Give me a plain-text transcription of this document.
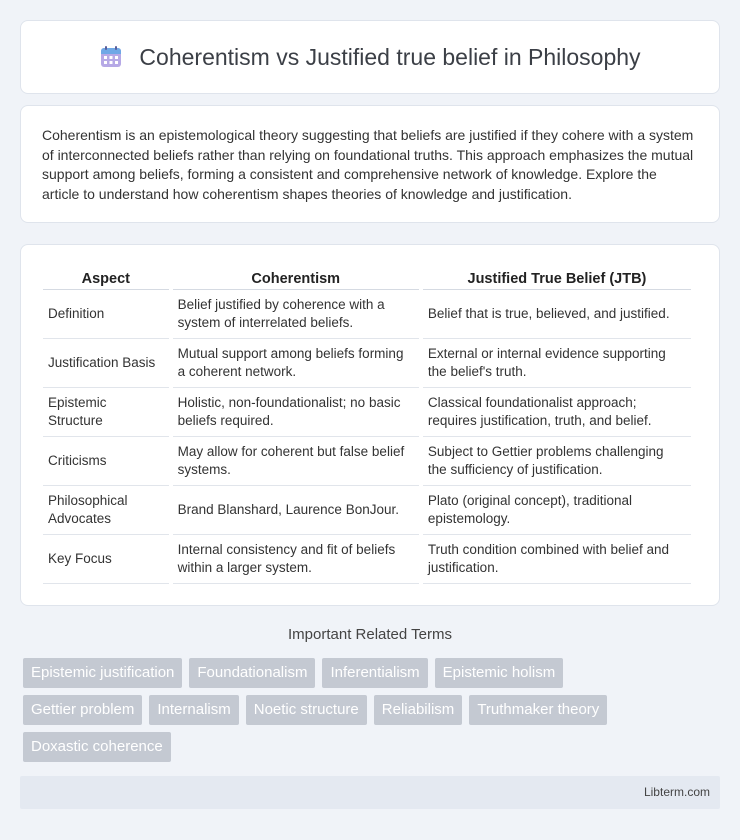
Coherentism vs Justified true belief in Philosophy

Coherentism is an epistemological theory suggesting that beliefs are justified if they cohere with a system of interconnected beliefs rather than relying on foundational truths. This approach emphasizes the mutual support among beliefs, forming a consistent and comprehensive network of knowledge. Explore the article to understand how coherentism shapes theories of knowledge and justification.

Aspect	Coherentism	Justified True Belief (JTB)
Definition	Belief justified by coherence with a system of interrelated beliefs.	Belief that is true, believed, and justified.
Justification Basis	Mutual support among beliefs forming a coherent network.	External or internal evidence supporting the belief's truth.
Epistemic Structure	Holistic, non-foundationalist; no basic beliefs required.	Classical foundationalist approach; requires justification, truth, and belief.
Criticisms	May allow for coherent but false belief systems.	Subject to Gettier problems challenging the sufficiency of justification.
Philosophical Advocates	Brand Blanshard, Laurence BonJour.	Plato (original concept), traditional epistemology.
Key Focus	Internal consistency and fit of beliefs within a larger system.	Truth condition combined with belief and justification.
Important Related Terms
Epistemic justification	Foundationalism	Inferentialism	Epistemic holism
Gettier problem	Internalism	Noetic structure	Reliabilism	Truthmaker theory
Doxastic coherence
Libterm.com
